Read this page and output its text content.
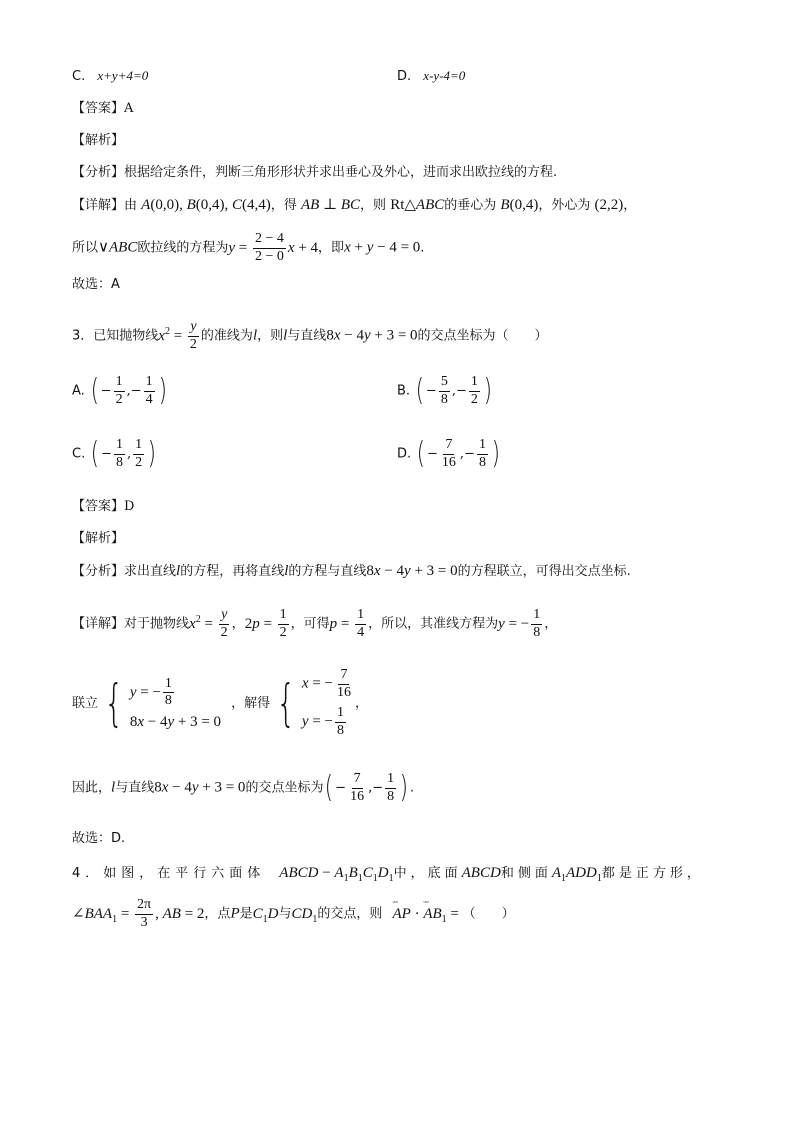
C. x+y+4=0	D. x-y-4=0
【答案】A
【解析】
【分析】根据给定条件，判断三角形形状并求出垂心及外心，进而求出欧拉线的方程.
【详解】由 A(0,0), B(0,4), C(4,4)，得 AB ⊥ BC，则 Rt△ABC的垂心为 B(0,4)，外心为 (2,2)，
所以∨ABC欧拉线的方程为$y = \frac{2 - 4}{2 - 0}$ x + 4，即x + y − 4 = 0.
故选：A
3．已知抛物线$x^2 = \frac{y}{2}$ 的准线为l，则l与直线8x − 4y + 3 = 0的交点坐标为（　　）
A. ( − $\frac{1}{2}$ ,− $\frac{1}{4}$ )	B. ( − $\frac{5}{8}$ ,− $\frac{1}{2}$ )
C. ( − $\frac{1}{8}$ , $\frac{1}{2}$ )	D. ( − $\frac{7}{16}$ ,− $\frac{1}{8}$ )
【答案】D
【解析】
【分析】求出直线l的方程，再将直线l的方程与直线8x − 4y + 3 = 0的方程联立，可得出交点坐标.
【详解】对于抛物线$x^2 = \frac{y}{2}$ ，$2p = \frac{1}{2}$ ，可得$p = \frac{1}{4}$ ，所以，其准线方程为y = − $\frac{1}{8}$ ，
联立 { y = − $\frac{1}{8}$
8x − 4y + 3 = 0
，解得 { x = − $\frac{7}{16}$
y = − $\frac{1}{8}$
，
因此，l与直线8x − 4y + 3 = 0的交点坐标为( − $\frac{7}{16}$ ,− $\frac{1}{8}$ ) .
故选：D.
4．如图，在平行六面体 ABCD − $A_1B_1C_1D_1$中，底面ABCD和侧面$A_1ADD_1$都是正方形，
$\angle BAA_1 = \frac{2\pi}{3}$ , AB = 2，点P是$C_1D$与$CD_1$的交点，则
ᵕᵕᵕ
AP ·
ᵕᵕᵕ
$AB_1$ = （　　）
